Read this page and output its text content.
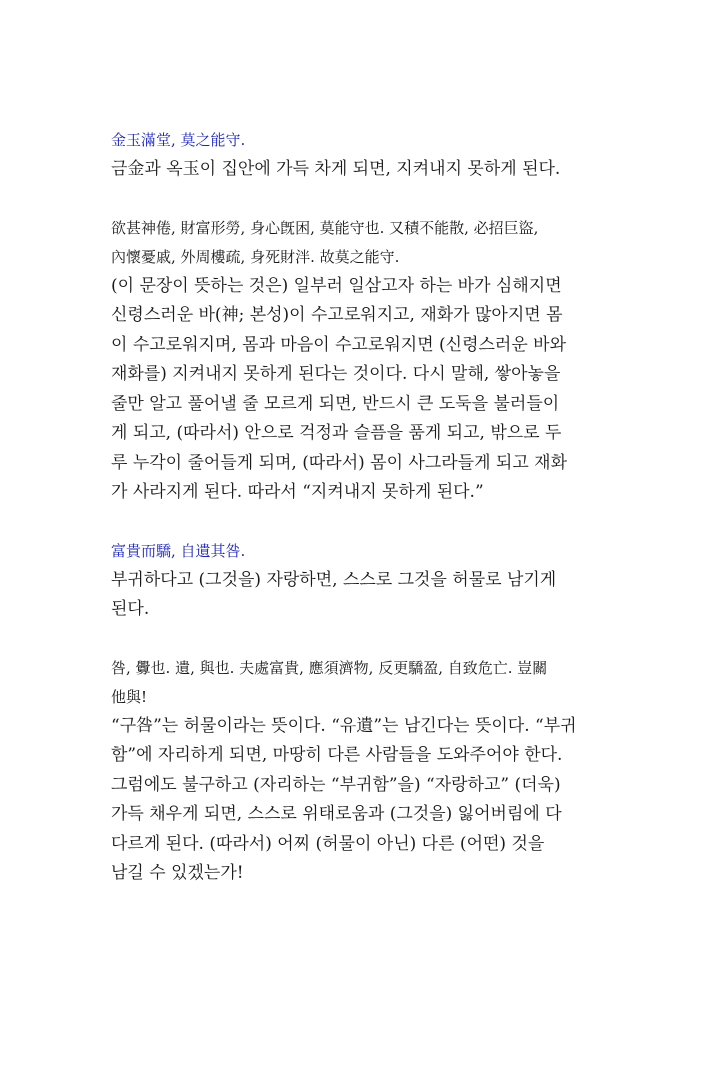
金玉滿堂, 莫之能守.
금金과 옥玉이 집안에 가득 차게 되면, 지켜내지 못하게 된다.
欲甚神倦, 財富形勞, 身心旣困, 莫能守也. 又積不能散, 必招巨盜,
內懷憂戚, 外周樓疏, 身死財泮. 故莫之能守.
(이 문장이 뜻하는 것은) 일부러 일삼고자 하는 바가 심해지면
신령스러운 바(神; 본성)이 수고로워지고, 재화가 많아지면 몸
이 수고로워지며, 몸과 마음이 수고로워지면 (신령스러운 바와
재화를) 지켜내지 못하게 된다는 것이다. 다시 말해, 쌓아놓을
줄만 알고 풀어낼 줄 모르게 되면, 반드시 큰 도둑을 불러들이
게 되고, (따라서) 안으로 걱정과 슬픔을 품게 되고, 밖으로 두
루 누각이 줄어들게 되며, (따라서) 몸이 사그라들게 되고 재화
가 사라지게 된다. 따라서 “지켜내지 못하게 된다.”
富貴而驕, 自遺其咎.
부귀하다고 (그것을) 자랑하면, 스스로 그것을 허물로 남기게
된다.
咎, 釁也. 遺, 與也. 夫處富貴, 應須濟物, 反更驕盈, 自致危亡. 豈關
他與!
“구咎”는 허물이라는 뜻이다. “유遺”는 남긴다는 뜻이다. “부귀
함”에 자리하게 되면, 마땅히 다른 사람들을 도와주어야 한다.
그럼에도 불구하고 (자리하는 “부귀함”을) “자랑하고” (더욱)
가득 채우게 되면, 스스로 위태로움과 (그것을) 잃어버림에 다
다르게 된다. (따라서) 어찌 (허물이 아닌) 다른 (어떤) 것을
남길 수 있겠는가!
